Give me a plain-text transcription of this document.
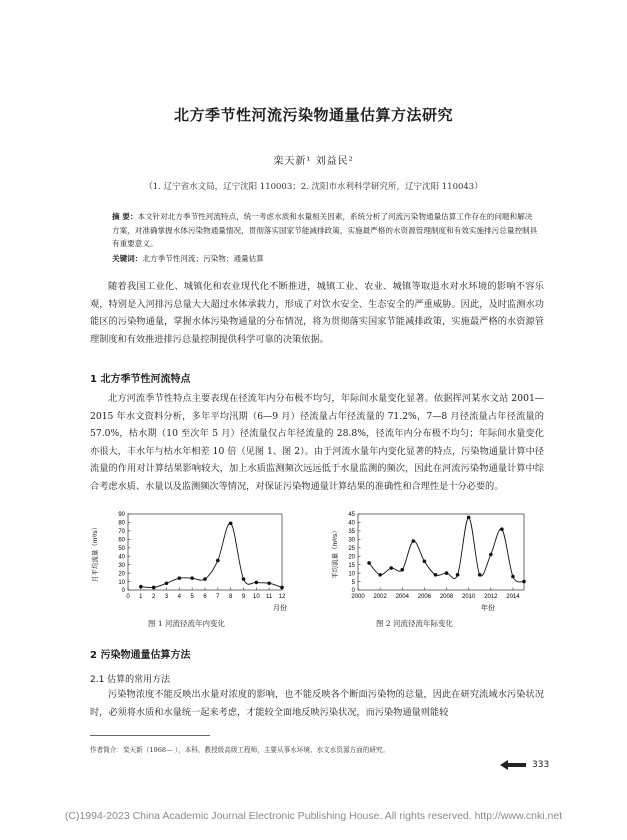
北方季节性河流污染物通量估算方法研究
栾天新¹ 刘益民²
（1. 辽宁省水文局，辽宁沈阳 110003；2. 沈阳市水利科学研究所，辽宁沈阳 110043）
摘 要：本文针对北方季节性河流特点，统一考虑水质和水量相关因素，系统分析了河流污染物通量估算工作存在的问题和解决方案，对准确掌握水体污染物通量情况，贯彻落实国家节能减排政策，实施最严格的水资源管理制度和有效实施排污总量控制具有重要意义。
关键词：北方季节性河流；污染物；通量估算
随着我国工业化、城镇化和农业现代化不断推进，城镇工业、农业、城镇等取退水对水环境的影响不容乐观，特别是入河排污总量大大超过水体承载力，形成了对饮水安全、生态安全的严重威胁。因此，及时监测水功能区的污染物通量，掌握水体污染物通量的分布情况，将为贯彻落实国家节能减排政策，实施最严格的水资源管理制度和有效推进排污总量控制提供科学可靠的决策依据。
1 北方季节性河流特点
北方河流季节性特点主要表现在径流年内分布极不均匀，年际间水量变化显著。依据挥河某水文站 2001—2015 年水文资料分析，多年平均汛期（6—9 月）径流量占年径流量的 71.2%，7—8 月径流量占年径流量的 57.0%，枯水期（10 至次年 5 月）径流量仅占年径流量的 28.8%，径流年内分布极不均匀；年际间水量变化亦很大，丰水年与枯水年相差 10 倍（见图 1、图 2）。由于河流水量年内变化显著的特点，污染物通量计算中径流量的作用对计算结果影响较大，加上水质监测频次远远低于水量监测的频次，因此在河流污染物通量计算中综合考虑水质、水量以及监测频次等情况，对保证污染物通量计算结果的准确性和合理性是十分必要的。
0
10
20
30
40
50
60
70
80
90
0 1 2 3 4 5 6 7 8 9 10 11 12
月平均流量（m³/s）
月份
图 1 河流径流年内变化
0
5
10
15
20
25
30
35
40
45
2000 2002 2004 2006 2008 2010 2012 2014
平均流量（m³/s）
年份
图 2 河流径流年际变化
2 污染物通量估算方法
2.1 估算的常用方法
污染物浓度不能反映出水量对浓度的影响，也不能反映各个断面污染物的总量，因此在研究流域水污染状况时，必须将水质和水量统一起来考虑，才能较全面地反映污染状况，而污染物通量则能较
作者简介：栾天新（1968— ），本科，教授级高级工程师，主要从事水环境、水文水资源方面的研究。
333
(C)1994-2023 China Academic Journal Electronic Publishing House. All rights reserved. http://www.cnki.net
